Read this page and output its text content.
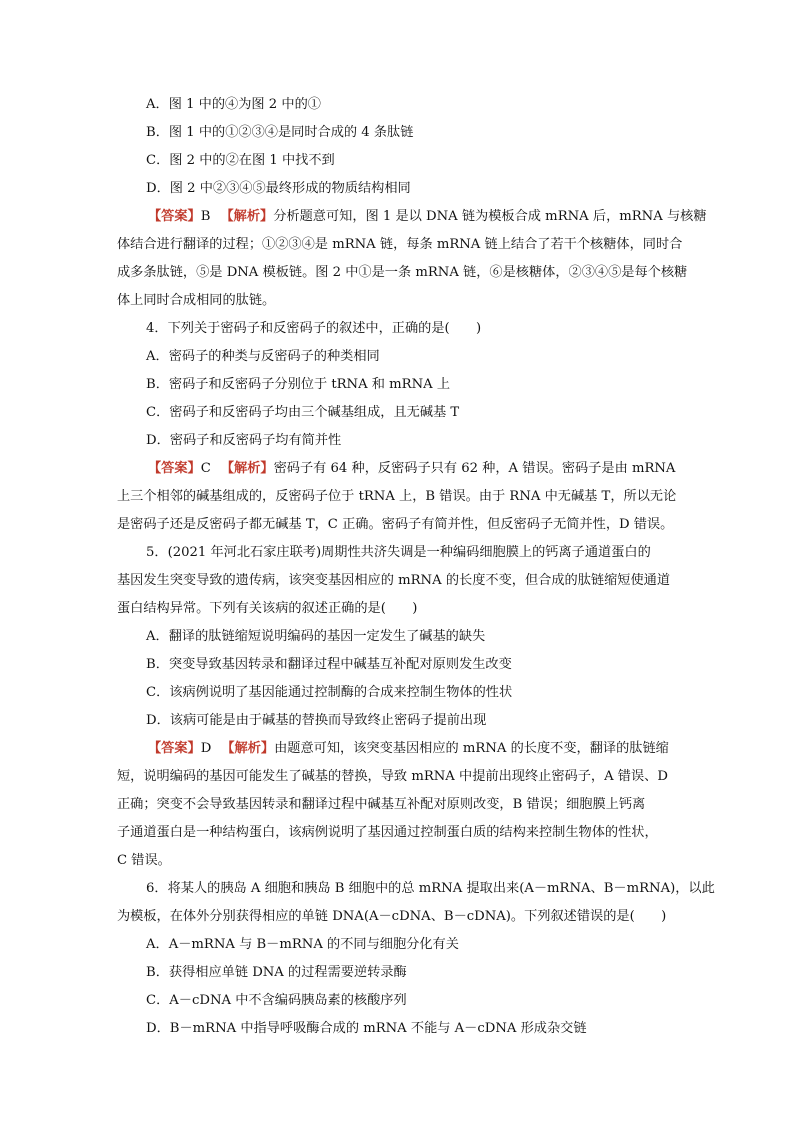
A．图 1 中的④为图 2 中的①
B．图 1 中的①②③④是同时合成的 4 条肽链
C．图 2 中的②在图 1 中找不到
D．图 2 中②③④⑤最终形成的物质结构相同
【答案】B 【解析】分析题意可知，图 1 是以 DNA 链为模板合成 mRNA 后，mRNA 与核糖
体结合进行翻译的过程；①②③④是 mRNA 链，每条 mRNA 链上结合了若干个核糖体，同时合
成多条肽链，⑤是 DNA 模板链。图 2 中①是一条 mRNA 链，⑥是核糖体，②③④⑤是每个核糖
体上同时合成相同的肽链。
4．下列关于密码子和反密码子的叙述中，正确的是(　　)
A．密码子的种类与反密码子的种类相同
B．密码子和反密码子分别位于 tRNA 和 mRNA 上
C．密码子和反密码子均由三个碱基组成，且无碱基 T
D．密码子和反密码子均有简并性
【答案】C 【解析】密码子有 64 种，反密码子只有 62 种，A 错误。密码子是由 mRNA
上三个相邻的碱基组成的，反密码子位于 tRNA 上，B 错误。由于 RNA 中无碱基 T，所以无论
是密码子还是反密码子都无碱基 T，C 正确。密码子有简并性，但反密码子无简并性，D 错误。
5．(2021 年河北石家庄联考)周期性共济失调是一种编码细胞膜上的钙离子通道蛋白的
基因发生突变导致的遗传病，该突变基因相应的 mRNA 的长度不变，但合成的肽链缩短使通道
蛋白结构异常。下列有关该病的叙述正确的是(　　)
A．翻译的肽链缩短说明编码的基因一定发生了碱基的缺失
B．突变导致基因转录和翻译过程中碱基互补配对原则发生改变
C．该病例说明了基因能通过控制酶的合成来控制生物体的性状
D．该病可能是由于碱基的替换而导致终止密码子提前出现
【答案】D 【解析】由题意可知，该突变基因相应的 mRNA 的长度不变，翻译的肽链缩
短，说明编码的基因可能发生了碱基的替换，导致 mRNA 中提前出现终止密码子，A 错误、D
正确；突变不会导致基因转录和翻译过程中碱基互补配对原则改变，B 错误；细胞膜上钙离
子通道蛋白是一种结构蛋白，该病例说明了基因通过控制蛋白质的结构来控制生物体的性状，
C 错误。
6．将某人的胰岛 A 细胞和胰岛 B 细胞中的总 mRNA 提取出来(A－mRNA、B－mRNA)，以此
为模板，在体外分别获得相应的单链 DNA(A－cDNA、B－cDNA)。下列叙述错误的是(　　)
A．A－mRNA 与 B－mRNA 的不同与细胞分化有关
B．获得相应单链 DNA 的过程需要逆转录酶
C．A－cDNA 中不含编码胰岛素的核酸序列
D．B－mRNA 中指导呼吸酶合成的 mRNA 不能与 A－cDNA 形成杂交链
